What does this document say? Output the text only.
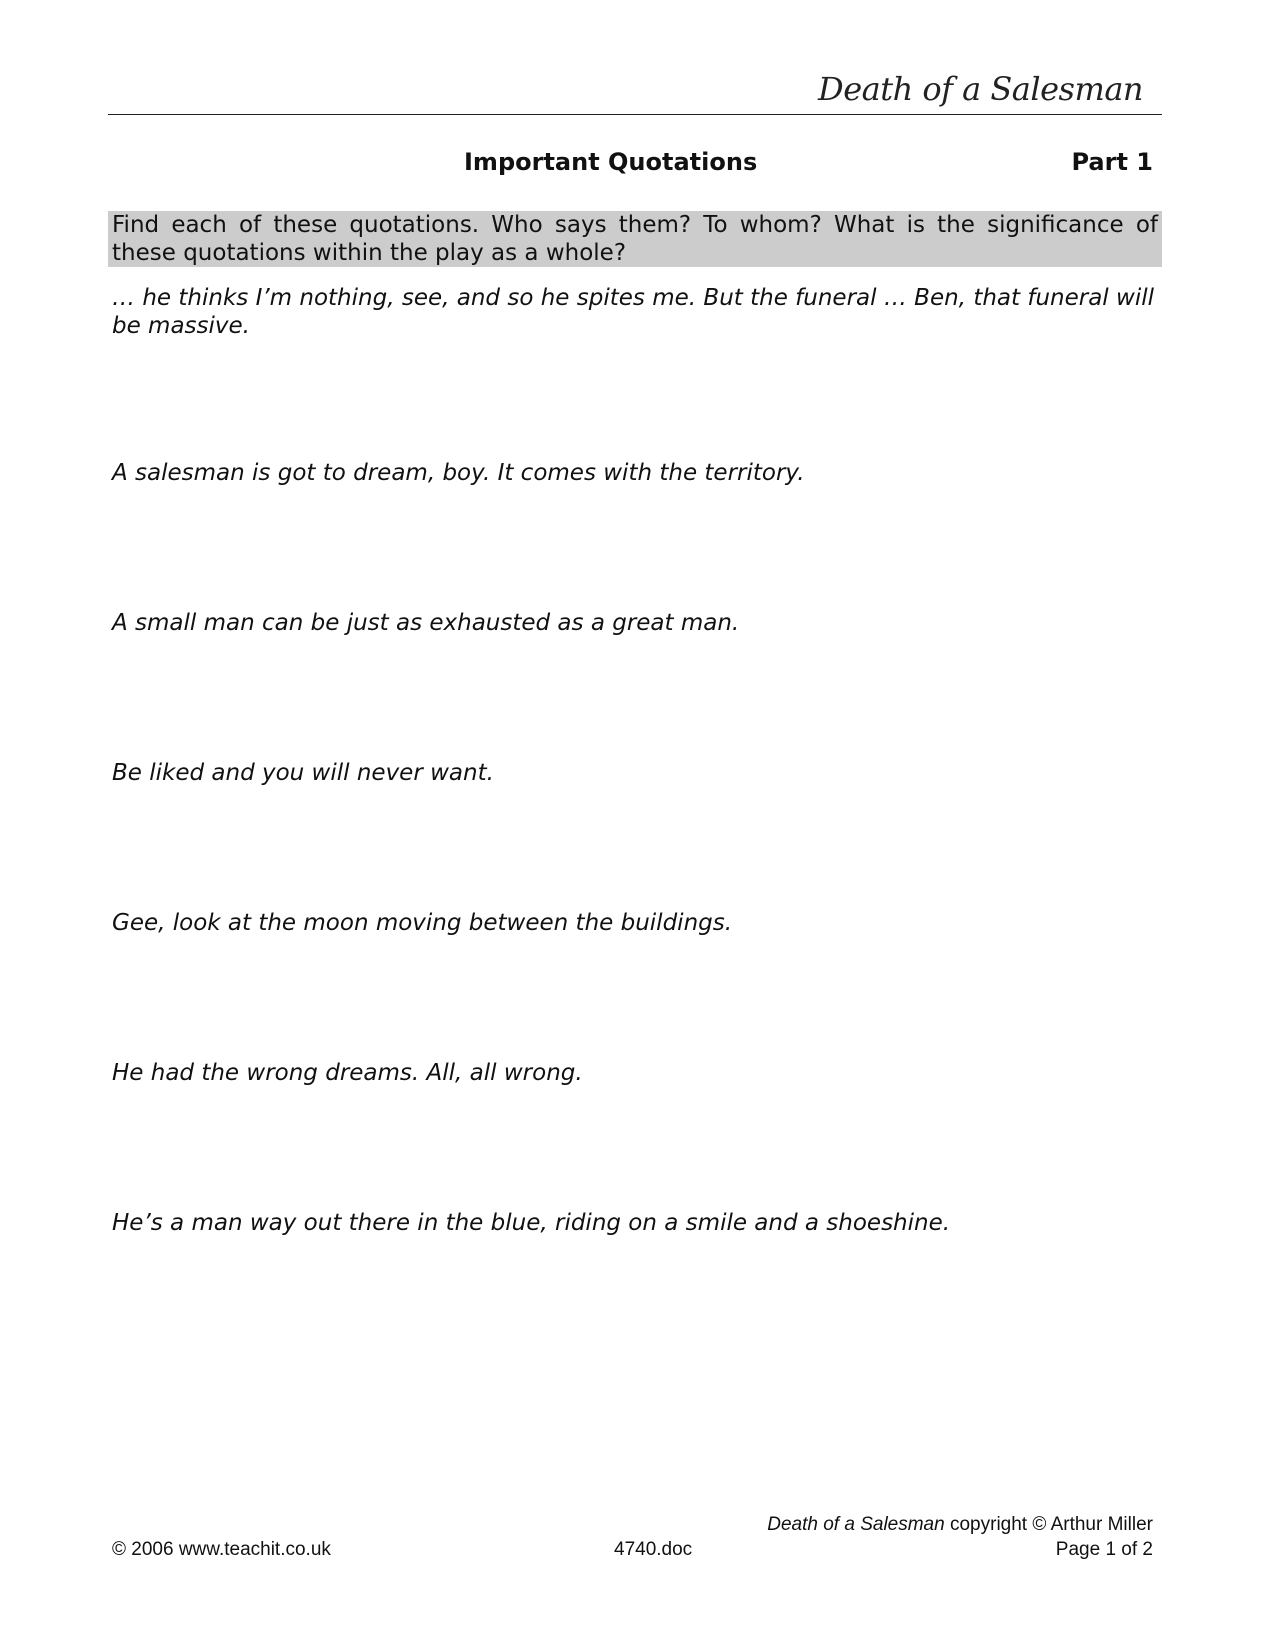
Death of a Salesman
Important Quotations	Part 1
Find each of these quotations. Who says them? To whom? What is the significance of these quotations within the play as a whole?
… he thinks I’m nothing, see, and so he spites me. But the funeral … Ben, that funeral will be massive.
A salesman is got to dream, boy. It comes with the territory.
A small man can be just as exhausted as a great man.
Be liked and you will never want.
Gee, look at the moon moving between the buildings.
He had the wrong dreams. All, all wrong.
He’s a man way out there in the blue, riding on a smile and a shoeshine.
© 2006 www.teachit.co.uk	4740.doc
Death of a Salesman copyright © Arthur Miller
Page 1 of 2
